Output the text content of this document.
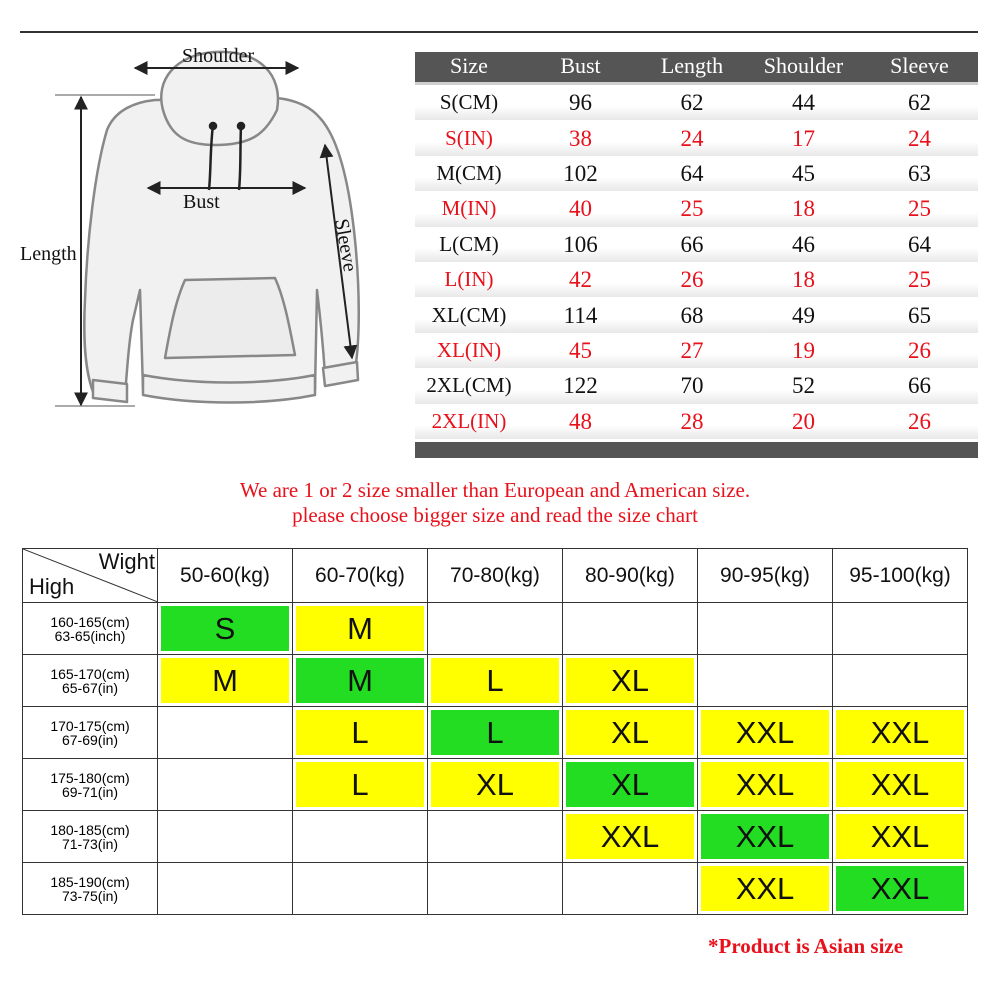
Shoulder
Bust
Length	Sleeve
Size	Bust	Length	Shoulder	Sleeve
S(CM)	96	62	44	62
S(IN)	38	24	17	24
M(CM)	102	64	45	63
M(IN)	40	25	18	25
L(CM)	106	66	46	64
L(IN)	42	26	18	25
XL(CM)	114	68	49	65
XL(IN)	45	27	19	26
2XL(CM)	122	70	52	66
2XL(IN)	48	28	20	26
We are 1 or 2 size smaller than European and American size.
please choose bigger size and read the size chart
Wight
High	50-60(kg)	60-70(kg)	70-80(kg)	80-90(kg)	90-95(kg)	95-100(kg)

160-165(cm)
63-65(inch)	S	M				

165-170(cm)
65-67(in)	M	M	L	XL		

170-175(cm)
67-69(in)		L	L	XL	XXL	XXL

175-180(cm)
69-71(in)		L	XL	XL	XXL	XXL

180-185(cm)
71-73(in)				XXL	XXL	XXL

185-190(cm)
73-75(in)					XXL	XXL
*Product is Asian size
